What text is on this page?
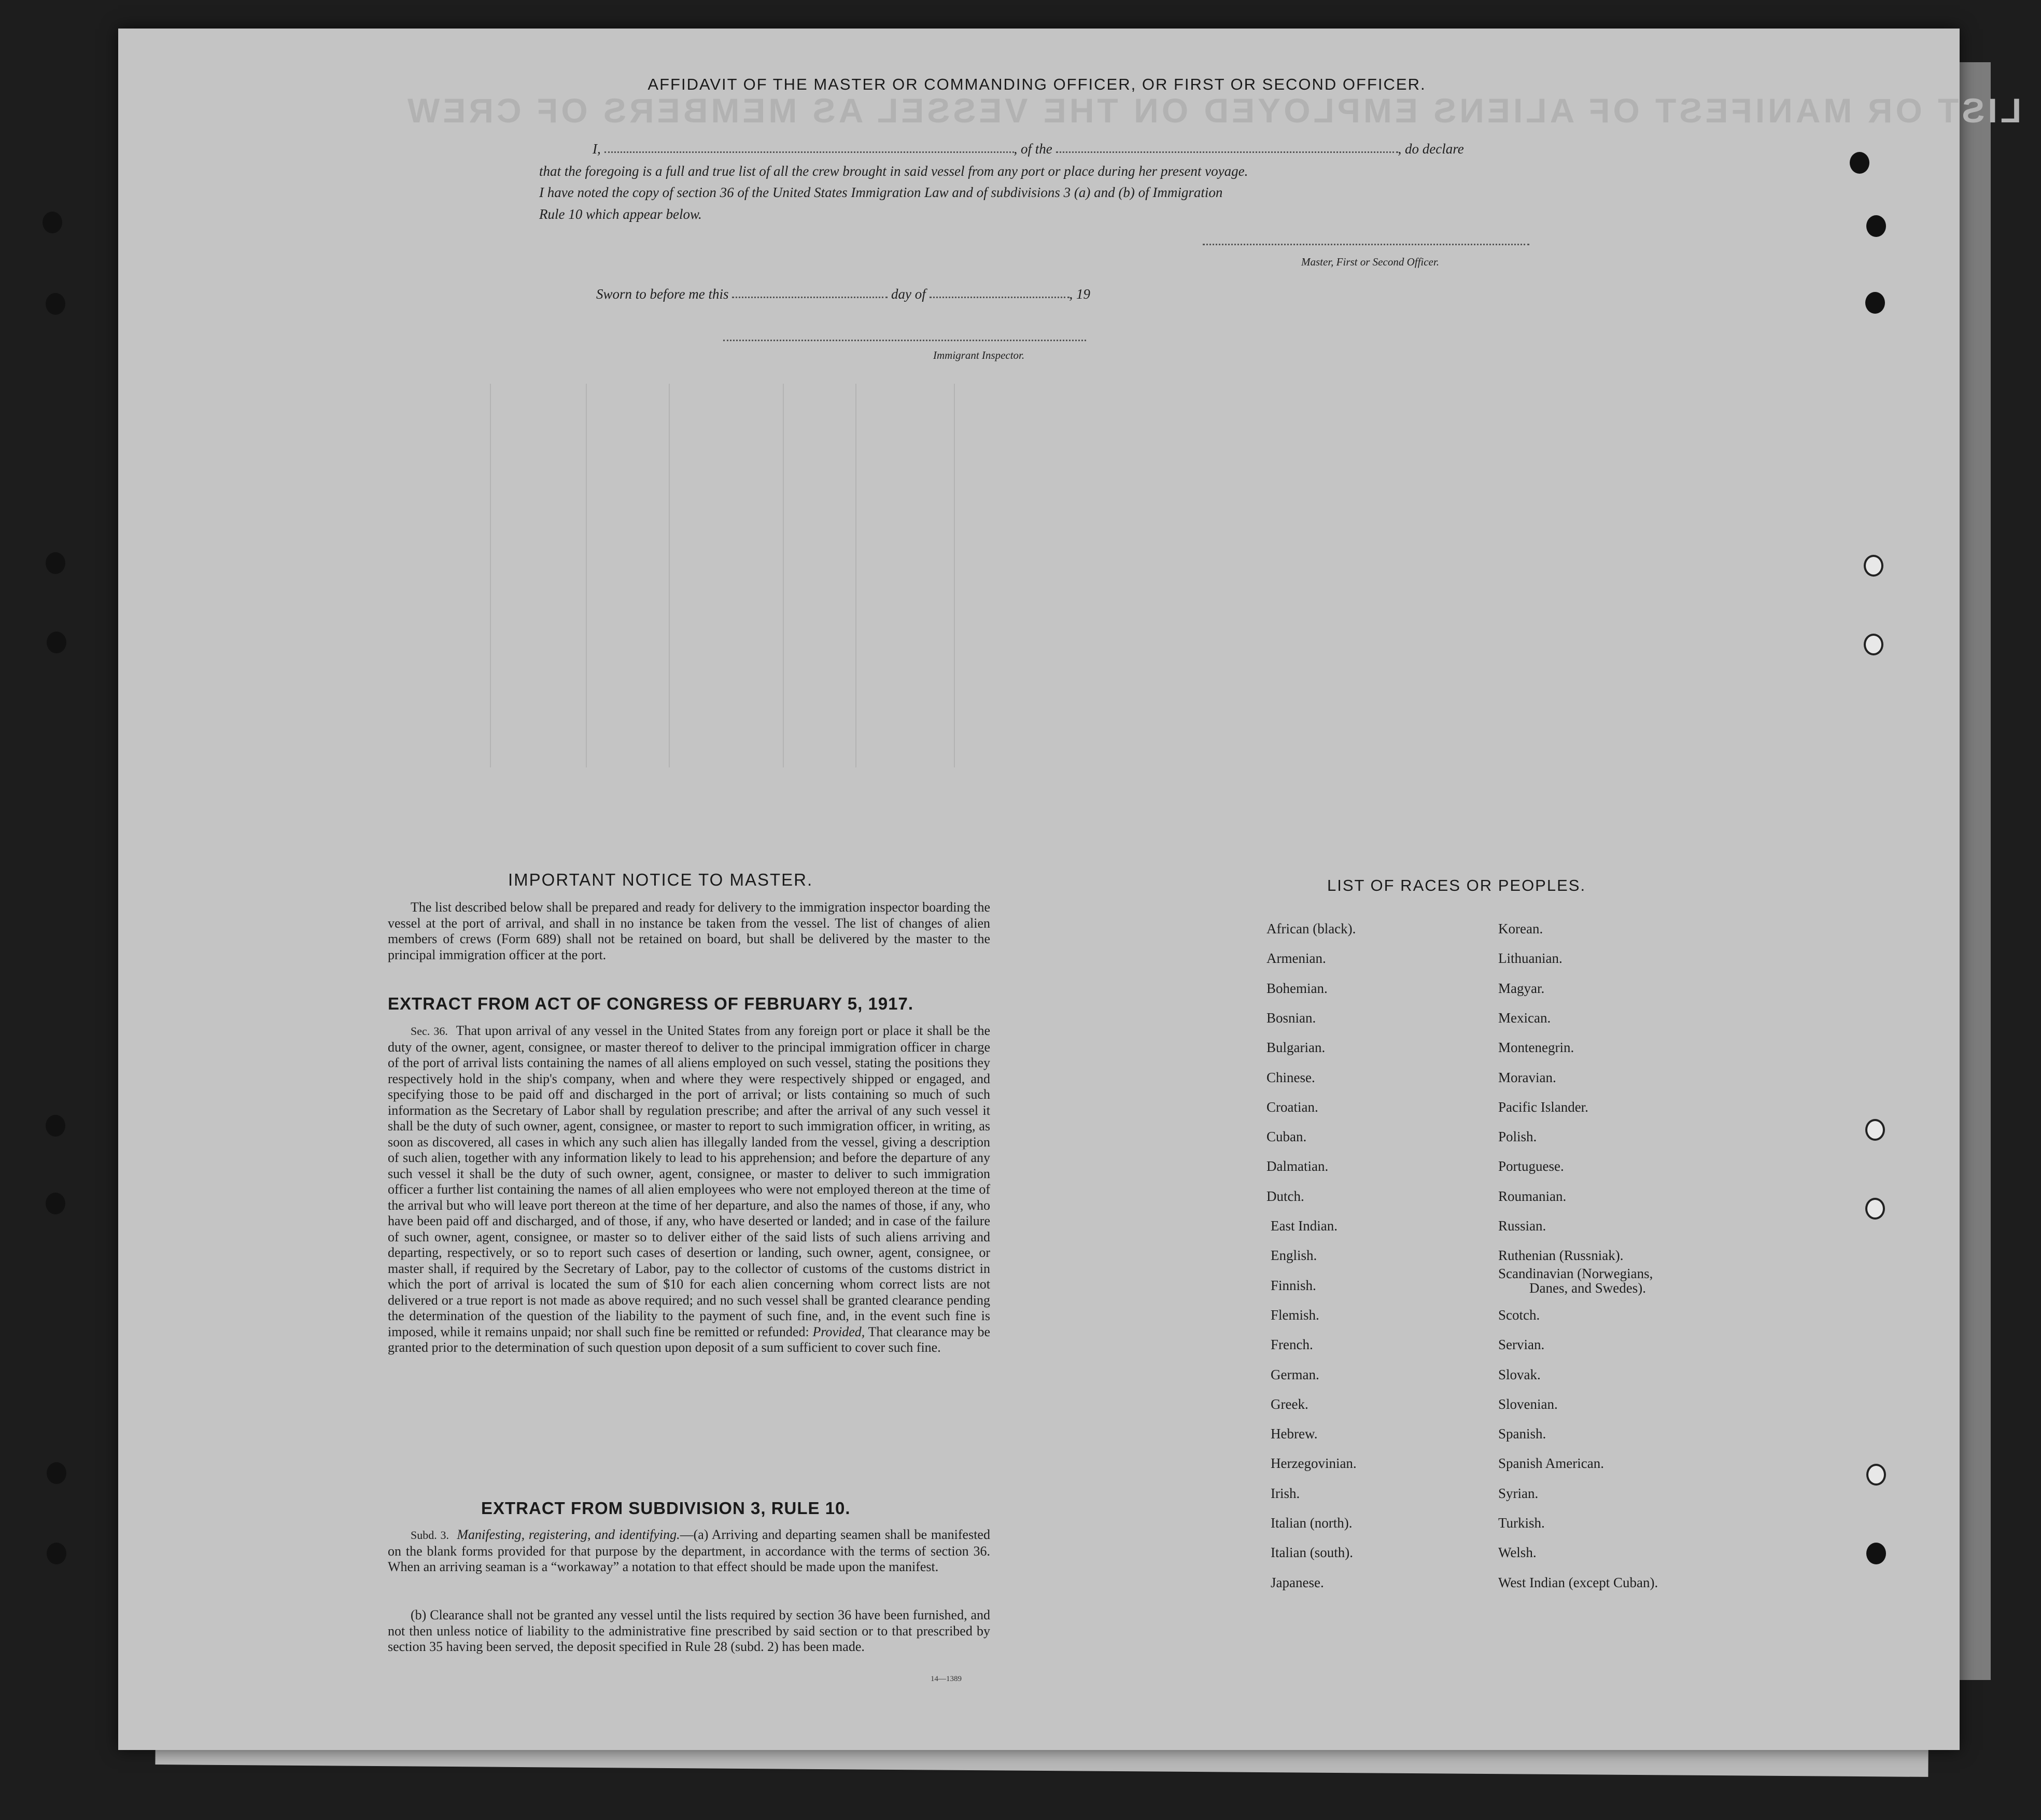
LIST OR MANIFEST OF ALIENS EMPLOYED ON THE VESSEL AS MEMBERS OF CREW
AFFIDAVIT OF THE MASTER OR COMMANDING OFFICER, OR FIRST OR SECOND OFFICER.
I,	, of the	, do declare
that the foregoing is a full and true list of all the crew brought in said vessel from any port or place during her present voyage.
I have noted the copy of section 36 of the United States Immigration Law and of subdivisions 3 (a) and (b) of Immigration
Rule 10 which appear below.
Master, First or Second Officer.
Sworn to before me this	day of	, 19
Immigrant Inspector.
IMPORTANT NOTICE TO MASTER.
The list described below shall be prepared and ready for delivery to the immigration inspector boarding the vessel at the port of arrival, and shall in no instance be taken from the vessel. The list of changes of alien members of crews (Form 689) shall not be retained on board, but shall be delivered by the master to the principal immigration officer at the port.
EXTRACT FROM ACT OF CONGRESS OF FEBRUARY 5, 1917.
Sec. 36. That upon arrival of any vessel in the United States from any foreign port or place it shall be the duty of the owner, agent, consignee, or master thereof to deliver to the principal immigration officer in charge of the port of arrival lists containing the names of all aliens employed on such vessel, stating the positions they respectively hold in the ship's company, when and where they were respectively shipped or engaged, and specifying those to be paid off and discharged in the port of arrival; or lists containing so much of such information as the Secretary of Labor shall by regulation prescribe; and after the arrival of any such vessel it shall be the duty of such owner, agent, consignee, or master to report to such immigration officer, in writing, as soon as discovered, all cases in which any such alien has illegally landed from the vessel, giving a description of such alien, together with any information likely to lead to his apprehension; and before the departure of any such vessel it shall be the duty of such owner, agent, consignee, or master to deliver to such immigration officer a further list containing the names of all alien employees who were not employed thereon at the time of the arrival but who will leave port thereon at the time of her departure, and also the names of those, if any, who have been paid off and discharged, and of those, if any, who have deserted or landed; and in case of the failure of such owner, agent, consignee, or master so to deliver either of the said lists of such aliens arriving and departing, respectively, or so to report such cases of desertion or landing, such owner, agent, consignee, or master shall, if required by the Secretary of Labor, pay to the collector of customs of the customs district in which the port of arrival is located the sum of $10 for each alien concerning whom correct lists are not delivered or a true report is not made as above required; and no such vessel shall be granted clearance pending the determination of the question of the liability to the payment of such fine, and, in the event such fine is imposed, while it remains unpaid; nor shall such fine be remitted or refunded: Provided, That clearance may be granted prior to the determination of such question upon deposit of a sum sufficient to cover such fine.
EXTRACT FROM SUBDIVISION 3, RULE 10.
Subd. 3. Manifesting, registering, and identifying.—(a) Arriving and departing seamen shall be manifested on the blank forms provided for that purpose by the department, in accordance with the terms of section 36. When an arriving seaman is a “workaway” a notation to that effect should be made upon the manifest.
(b) Clearance shall not be granted any vessel until the lists required by section 36 have been furnished, and not then unless notice of liability to the administrative fine prescribed by said section or to that prescribed by section 35 having been served, the deposit specified in Rule 28 (subd. 2) has been made.
14—1389
LIST OF RACES OR PEOPLES.
African (black).
Armenian.
Bohemian.
Bosnian.
Bulgarian.
Chinese.
Croatian.
Cuban.
Dalmatian.
Dutch.
East Indian.
English.
Finnish.
Flemish.
French.
German.
Greek.
Hebrew.
Herzegovinian.
Irish.
Italian (north).
Italian (south).
Japanese.
Korean.
Lithuanian.
Magyar.
Mexican.
Montenegrin.
Moravian.
Pacific Islander.
Polish.
Portuguese.
Roumanian.
Russian.
Ruthenian (Russniak).
Scandinavian (Norwegians,
Danes, and Swedes).
Scotch.
Servian.
Slovak.
Slovenian.
Spanish.
Spanish American.
Syrian.
Turkish.
Welsh.
West Indian (except Cuban).
